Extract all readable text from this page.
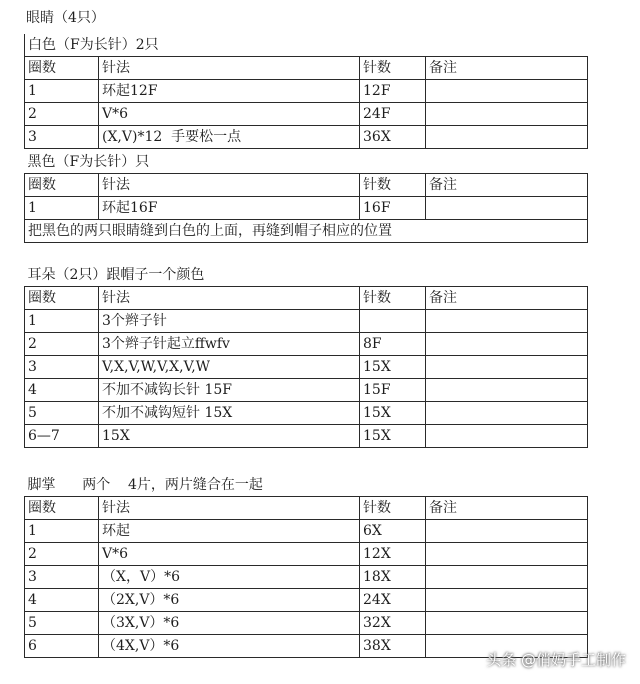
眼睛（4只）
白色（F为长针）2只			
圈数	针法	针数	备注
1	环起12F	12F	
2	V*6	24F	
3	(X,V)*12  手要松一点	36X	
黑色（F为长针）只			
圈数	针法	针数	备注
1	环起16F	16F	
把黑色的两只眼睛缝到白色的上面，再缝到帽子相应的位置			
耳朵（2只）跟帽子一个颜色			
圈数	针法	针数	备注
1	3个辫子针		
2	3个辫子针起立ffwfv	8F	
3	V,X,V,W,V,X,V,W	15X	
4	不加不减钩长针 15F	15F	
5	不加不减钩短针 15X	15X	
6—7	15X	15X	
脚掌      两个    4片，两片缝合在一起			
圈数	针法	针数	备注
1	环起	6X	
2	V*6	12X	
3	（X，V）*6	18X	
4	（2X,V）*6	24X	
5	（3X,V）*6	32X	
6	（4X,V）*6	38X	
头条 @俏妈手工制作
